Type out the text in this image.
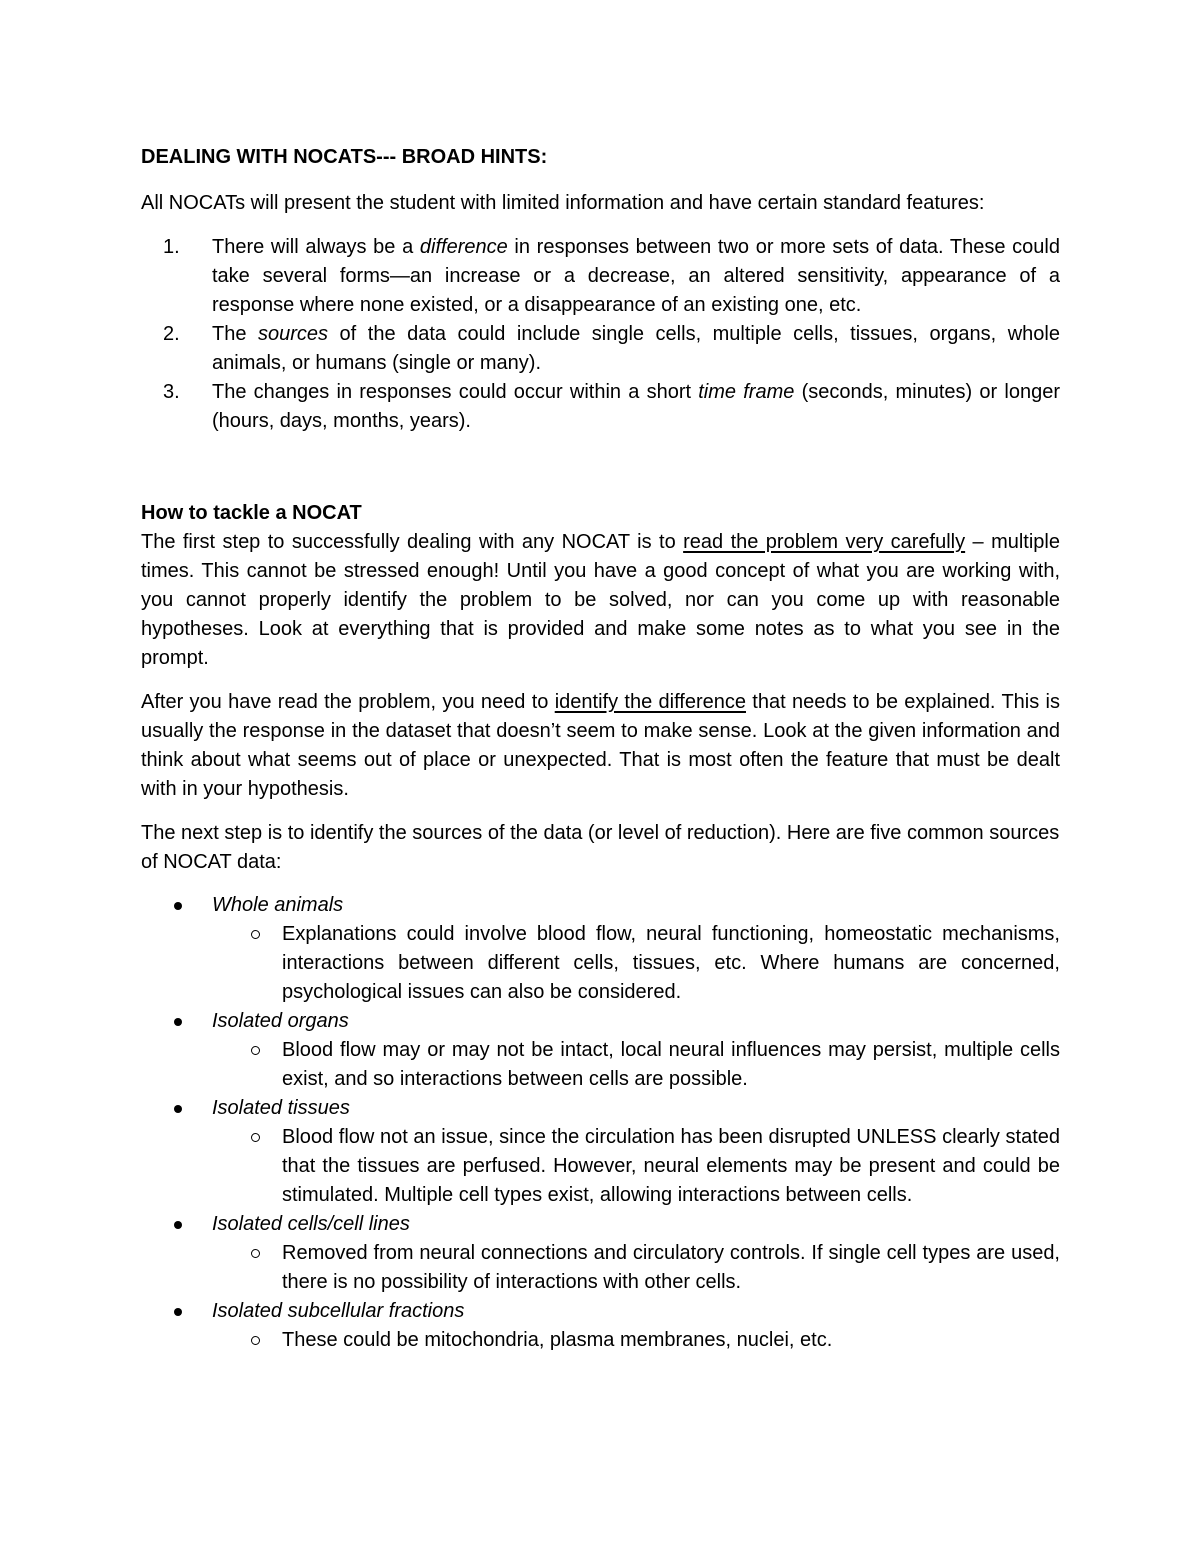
DEALING WITH NOCATS--- BROAD HINTS:

All NOCATs will present the student with limited information and have certain standard features:

1. There will always be a difference in responses between two or more sets of data. These could take several forms—an increase or a decrease, an altered sensitivity, appearance of a response where none existed, or a disappearance of an existing one, etc.
2. The sources of the data could include single cells, multiple cells, tissues, organs, whole animals, or humans (single or many).
3. The changes in responses could occur within a short time frame (seconds, minutes) or longer (hours, days, months, years).

How to tackle a NOCAT

The first step to successfully dealing with any NOCAT is to read the problem very carefully – multiple times. This cannot be stressed enough! Until you have a good concept of what you are working with, you cannot properly identify the problem to be solved, nor can you come up with reasonable hypotheses. Look at everything that is provided and make some notes as to what you see in the prompt.

After you have read the problem, you need to identify the difference that needs to be explained. This is usually the response in the dataset that doesn’t seem to make sense. Look at the given information and think about what seems out of place or unexpected. That is most often the feature that must be dealt with in your hypothesis.

The next step is to identify the sources of the data (or level of reduction). Here are five common sources of NOCAT data:

Whole animals
Explanations could involve blood flow, neural functioning, homeostatic mechanisms, interactions between different cells, tissues, etc. Where humans are concerned, psychological issues can also be considered.
Isolated organs
Blood flow may or may not be intact, local neural influences may persist, multiple cells exist, and so interactions between cells are possible.
Isolated tissues
Blood flow not an issue, since the circulation has been disrupted UNLESS clearly stated that the tissues are perfused. However, neural elements may be present and could be stimulated. Multiple cell types exist, allowing interactions between cells.
Isolated cells/cell lines
Removed from neural connections and circulatory controls. If single cell types are used, there is no possibility of interactions with other cells.
Isolated subcellular fractions
These could be mitochondria, plasma membranes, nuclei, etc.
